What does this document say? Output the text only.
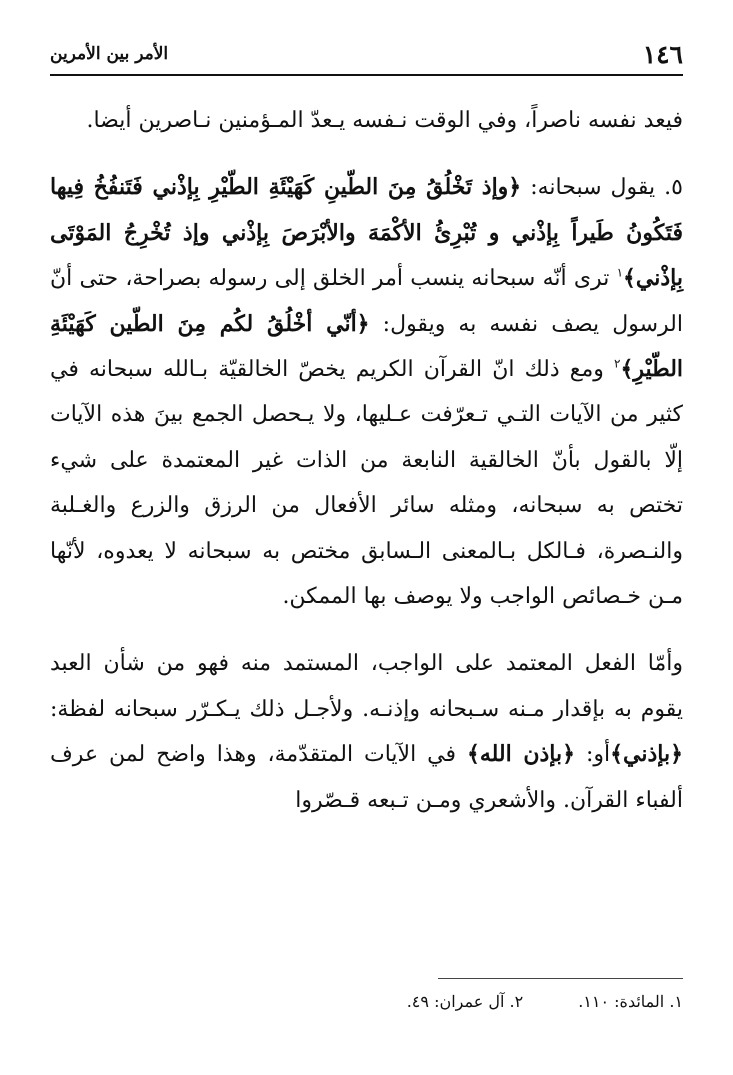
١٤٦
الأمر بين الأمرين

فيعد نفسه ناصراً، وفي الوقت نـفسه يـعدّ المـؤمنين نـاصرين أيضا.

٥. يقول سبحانه: ﴿وإذ تَخْلُقُ مِنَ الطّينِ كَهَيْئَةِ الطّيْرِ بِإذْني فَتَنفُخُ فِيها فَتَكُونُ طَيراً بِإذْني و تُبْرِئُ الأكْمَهَ والأبْرَصَ بِإذْني وإذ تُخْرِجُ المَوْتَى بِإذْني﴾$^١$ ترى أنّه سبحانه ينسب أمر الخلق إلى رسوله بصراحة، حتى أنّ الرسول يصف نفسه به ويقول: ﴿أنّي أخْلُقُ لكُم مِنَ الطّين كَهَيْئَةِ الطّيْرِ﴾$^٢$ ومع ذلك انّ القرآن الكريم يخصّ الخالقيّة بـالله سبحانه في كثير من الآيات التـي تـعرّفت عـليها، ولا يـحصل الجمع بينَ هذه الآيات إلّا بالقول بأنّ الخالقية النابعة من الذات غير المعتمدة على شيء تختص به سبحانه، ومثله سائر الأفعال من الرزق والزرع والغـلبة والنـصرة، فـالكل بـالمعنى الـسابق مختص به سبحانه لا يعدوه، لأنّها مـن خـصائص الواجب ولا يوصف بها الممكن.

وأمّا الفعل المعتمد على الواجب، المستمد منه فهو من شأن العبد يقوم به بإقدار مـنه سـبحانه وإذنـه. ولأجـل ذلك يـكـرّر سبحانه لفظة: ﴿بإذني﴾أو: ﴿بإذن الله﴾ في الآيات المتقدّمة، وهذا واضح لمن عرف ألفباء القرآن. والأشعري ومـن تـبعه قـصّروا

١. المائدة: ١١٠.
٢. آل عمران: ٤٩.
